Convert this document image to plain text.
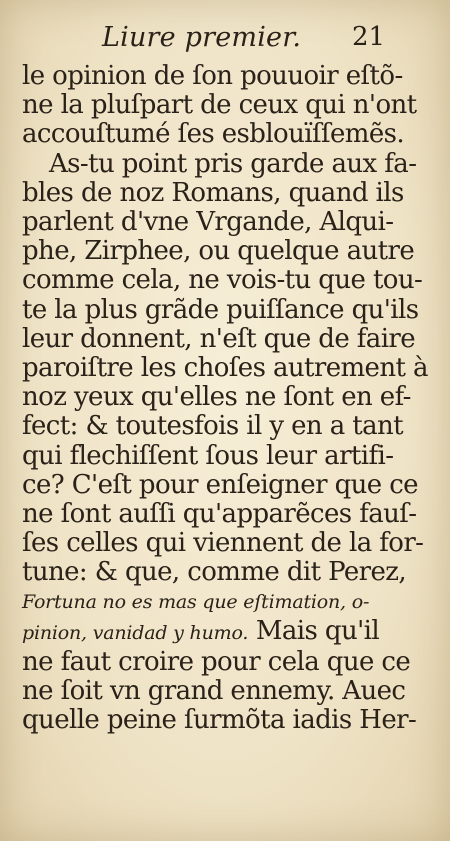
Liure premier. 21
le opinion de ſon pouuoir eſtõ-
ne la pluſpart de ceux qui n'ont
accouſtumé ſes esblouïſſemẽs.
As-tu point pris garde aux fa-
bles de noz Romans, quand ils
parlent d'vne Vrgande, Alqui-
phe, Zirphee, ou quelque autre
comme cela, ne vois-tu que tou-
te la plus grãde puiſſance qu'ils
leur donnent, n'eſt que de faire
paroiſtre les choſes autrement à
noz yeux qu'elles ne ſont en ef-
fect: & toutesfois il y en a tant
qui flechiſſent ſous leur artifi-
ce? C'eſt pour enſeigner que ce
ne ſont auſſi qu'apparẽces fauſ-
ſes celles qui viennent de la for-
tune: & que, comme dit Perez,
Fortuna no es mas que eſtimation, o-
pinion, vanidad y humo. Mais qu'il
ne faut croire pour cela que ce
ne ſoit vn grand ennemy. Auec
quelle peine ſurmõta iadis Her-
